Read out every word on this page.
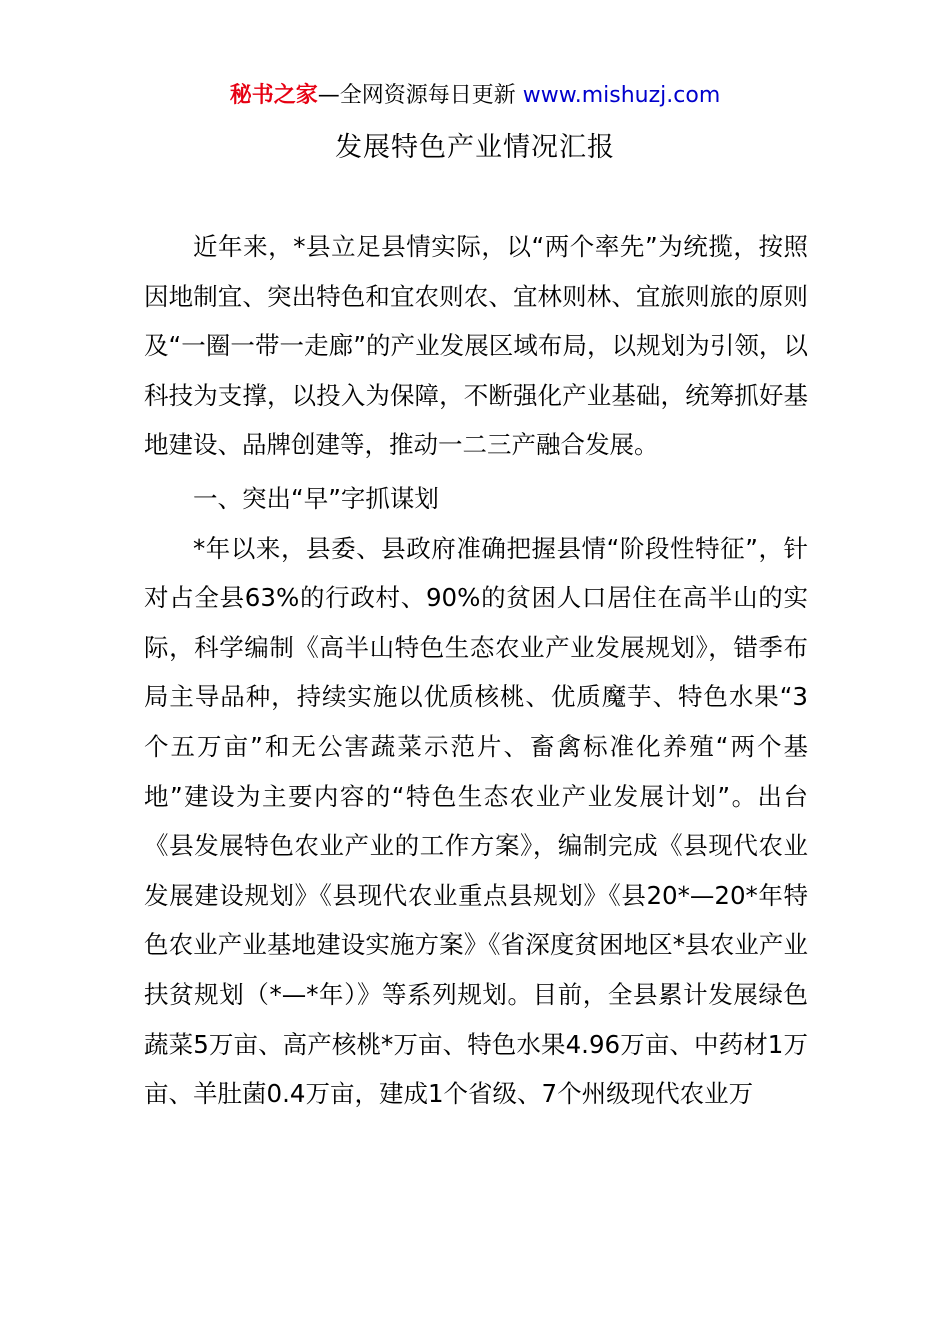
秘书之家—全网资源每日更新 www.mishuzj.com
发展特色产业情况汇报

近年来，*县立足县情实际，以“两个率先”为统揽，按照因地制宜、突出特色和宜农则农、宜林则林、宜旅则旅的原则及“一圈一带一走廊”的产业发展区域布局，以规划为引领，以科技为支撑，以投入为保障，不断强化产业基础，统筹抓好基地建设、品牌创建等，推动一二三产融合发展。

一、突出“早”字抓谋划

*年以来，县委、县政府准确把握县情“阶段性特征”，针对占全县63%的行政村、90%的贫困人口居住在高半山的实际，科学编制《高半山特色生态农业产业发展规划》，错季布局主导品种，持续实施以优质核桃、优质魔芋、特色水果“3个五万亩”和无公害蔬菜示范片、畜禽标准化养殖“两个基地”建设为主要内容的“特色生态农业产业发展计划”。出台《县发展特色农业产业的工作方案》，编制完成《县现代农业发展建设规划》《县现代农业重点县规划》《县20*—20*年特色农业产业基地建设实施方案》《省深度贫困地区*县农业产业扶贫规划（*—*年）》等系列规划。目前，全县累计发展绿色蔬菜5万亩、高产核桃*万亩、特色水果4.96万亩、中药材1万亩、羊肚菌0.4万亩，建成1个省级、7个州级现代农业万
